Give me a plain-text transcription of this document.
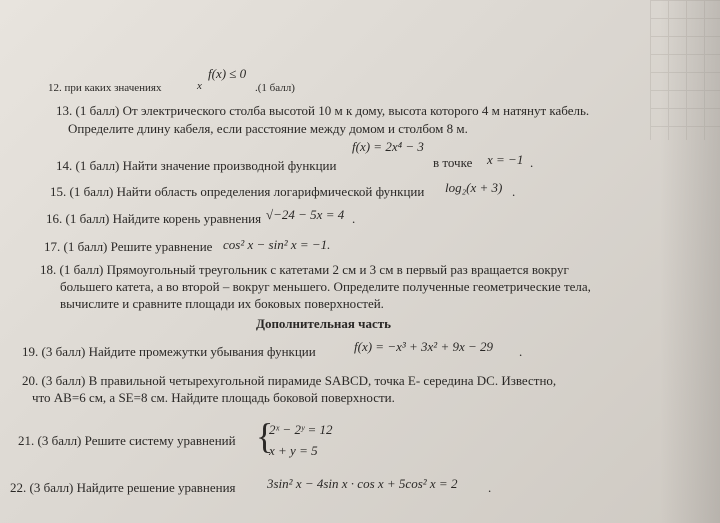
f(x) ≤ 0
12. при каких значениях	x	.(1 балл)
13. (1 балл) От электрического столба высотой 10 м к дому, высота которого 4 м натянут кабель.
Определите длину кабеля, если расстояние между домом и столбом 8 м.
f(x) = 2x⁴ − 3
14. (1 балл) Найти значение производной функции	в точке x = −1 .
15. (1 балл) Найти область определения логарифмической функции log₂(x + 3) .
16. (1 балл) Найдите корень уравнения √−24 − 5x = 4 .
17. (1 балл) Решите уравнение cos² x − sin² x = −1.
18. (1 балл) Прямоугольный треугольник с катетами 2 см и 3 см в первый раз вращается вокруг
большего катета, а во второй – вокруг меньшего. Определите полученные геометрические тела,
вычислите и сравните площади их боковых поверхностей.
Дополнительная часть
19. (3 балл) Найдите промежутки убывания функции	f(x) = −x³ + 3x² + 9x − 29 .
20. (3 балл) В правильной четырехугольной пирамиде SABCD, точка E- середина DC. Известно,
что AB=6 см, а SE=8 см. Найдите площадь боковой поверхности.
21. (3 балл) Решите систему уравнений {
2ˣ − 2ʸ = 12
x + y = 5
22. (3 балл) Найдите решение уравнения 3sin² x − 4sin x · cos x + 5cos² x = 2 .
